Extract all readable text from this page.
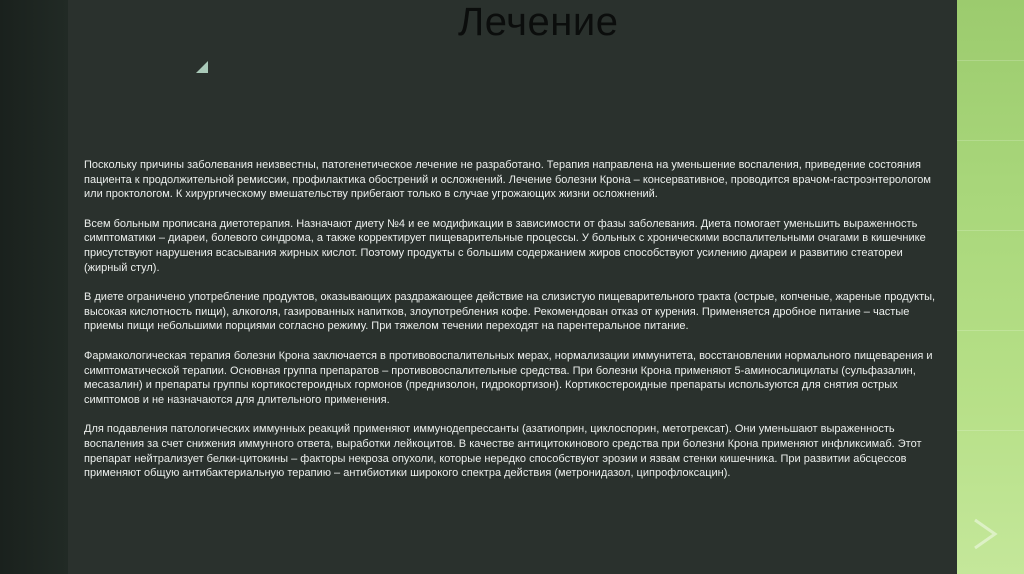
Лечение

Поскольку причины заболевания неизвестны, патогенетическое лечение не разработано. Терапия направлена на уменьшение воспаления, приведение состояния пациента к продолжительной ремиссии, профилактика обострений и осложнений. Лечение болезни Крона – консервативное, проводится врачом-гастроэнтерологом или проктологом. К хирургическому вмешательству прибегают только в случае угрожающих жизни осложнений.

Всем больным прописана диетотерапия. Назначают диету №4 и ее модификации в зависимости от фазы заболевания. Диета помогает уменьшить выраженность симптоматики – диареи, болевого синдрома, а также корректирует пищеварительные процессы. У больных с хроническими воспалительными очагами в кишечнике присутствуют нарушения всасывания жирных кислот. Поэтому продукты с большим содержанием жиров способствуют усилению диареи и развитию стеатореи (жирный стул).

В диете ограничено употребление продуктов, оказывающих раздражающее действие на слизистую пищеварительного тракта (острые, копченые, жареные продукты, высокая кислотность пищи), алкоголя, газированных напитков, злоупотребления кофе. Рекомендован отказ от курения. Применяется дробное питание – частые приемы пищи небольшими порциями согласно режиму. При тяжелом течении переходят на парентеральное питание.

Фармакологическая терапия болезни Крона заключается в противовоспалительных мерах, нормализации иммунитета, восстановлении нормального пищеварения и симптоматической терапии. Основная группа препаратов – противовоспалительные средства. При болезни Крона применяют 5-аминосалицилаты (сульфазалин, месазалин) и препараты группы кортикостероидных гормонов (преднизолон, гидрокортизон). Кортикостероидные препараты используются для снятия острых симптомов и не назначаются для длительного применения.

Для подавления патологических иммунных реакций применяют иммунодепрессанты (азатиоприн, циклоспорин, метотрексат). Они уменьшают выраженность воспаления за счет снижения иммунного ответа, выработки лейкоцитов. В качестве антицитокинового средства при болезни Крона применяют инфликсимаб. Этот препарат нейтрализует белки-цитокины – факторы некроза опухоли, которые нередко способствуют эрозии и язвам стенки кишечника. При развитии абсцессов применяют общую антибактериальную терапию – антибиотики широкого спектра действия (метронидазол, ципрофлоксацин).
